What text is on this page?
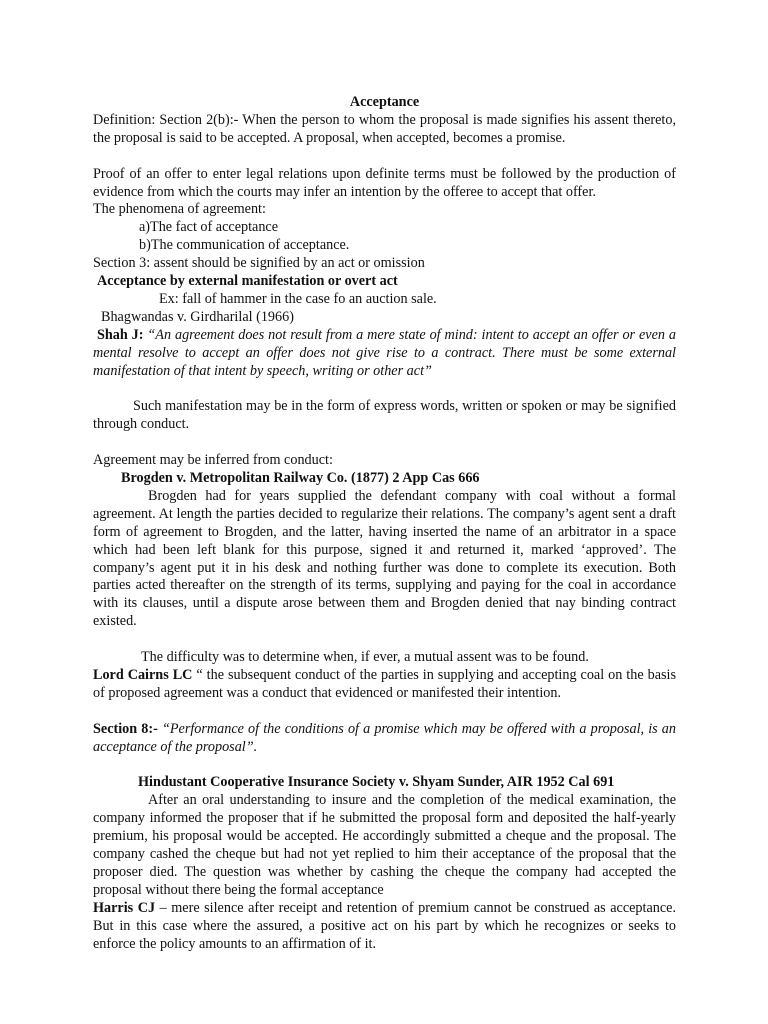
Acceptance

Definition: Section 2(b):- When the person to whom the proposal is made signifies his assent thereto, the proposal is said to be accepted. A proposal, when accepted, becomes a promise.

Proof of an offer to enter legal relations upon definite terms must be followed by the production of evidence from which the courts may infer an intention by the offeree to accept that offer.

The phenomena of agreement:

a)The fact of acceptance

b)The communication of acceptance.

Section 3: assent should be signified by an act or omission

Acceptance by external manifestation or overt act

Ex: fall of hammer in the case fo an auction sale.

Bhagwandas v. Girdharilal (1966)

Shah J: “An agreement does not result from a mere state of mind: intent to accept an offer or even a mental resolve to accept an offer does not give rise to a contract. There must be some external manifestation of that intent by speech, writing or other act”

Such manifestation may be in the form of express words, written or spoken or may be signified through conduct.

Agreement may be inferred from conduct:

Brogden v. Metropolitan Railway Co. (1877) 2 App Cas 666

Brogden had for years supplied the defendant company with coal without a formal agreement. At length the parties decided to regularize their relations. The company’s agent sent a draft form of agreement to Brogden, and the latter, having inserted the name of an arbitrator in a space which had been left blank for this purpose, signed it and returned it, marked ‘approved’. The company’s agent put it in his desk and nothing further was done to complete its execution. Both parties acted thereafter on the strength of its terms, supplying and paying for the coal in accordance with its clauses, until a dispute arose between them and Brogden denied that nay binding contract existed.

The difficulty was to determine when, if ever, a mutual assent was to be found.

Lord Cairns LC “ the subsequent conduct of the parties in supplying and accepting coal on the basis of proposed agreement was a conduct that evidenced or manifested their intention.

Section 8:- “Performance of the conditions of a promise which may be offered with a proposal, is an acceptance of the proposal”.

Hindustant Cooperative Insurance Society v. Shyam Sunder, AIR 1952 Cal 691

After an oral understanding to insure and the completion of the medical examination, the company informed the proposer that if he submitted the proposal form and deposited the half-yearly premium, his proposal would be accepted. He accordingly submitted a cheque and the proposal. The company cashed the cheque but had not yet replied to him their acceptance of the proposal that the proposer died. The question was whether by cashing the cheque the company had accepted the proposal without there being the formal acceptance

Harris CJ – mere silence after receipt and retention of premium cannot be construed as acceptance. But in this case where the assured, a positive act on his part by which he recognizes or seeks to enforce the policy amounts to an affirmation of it.
